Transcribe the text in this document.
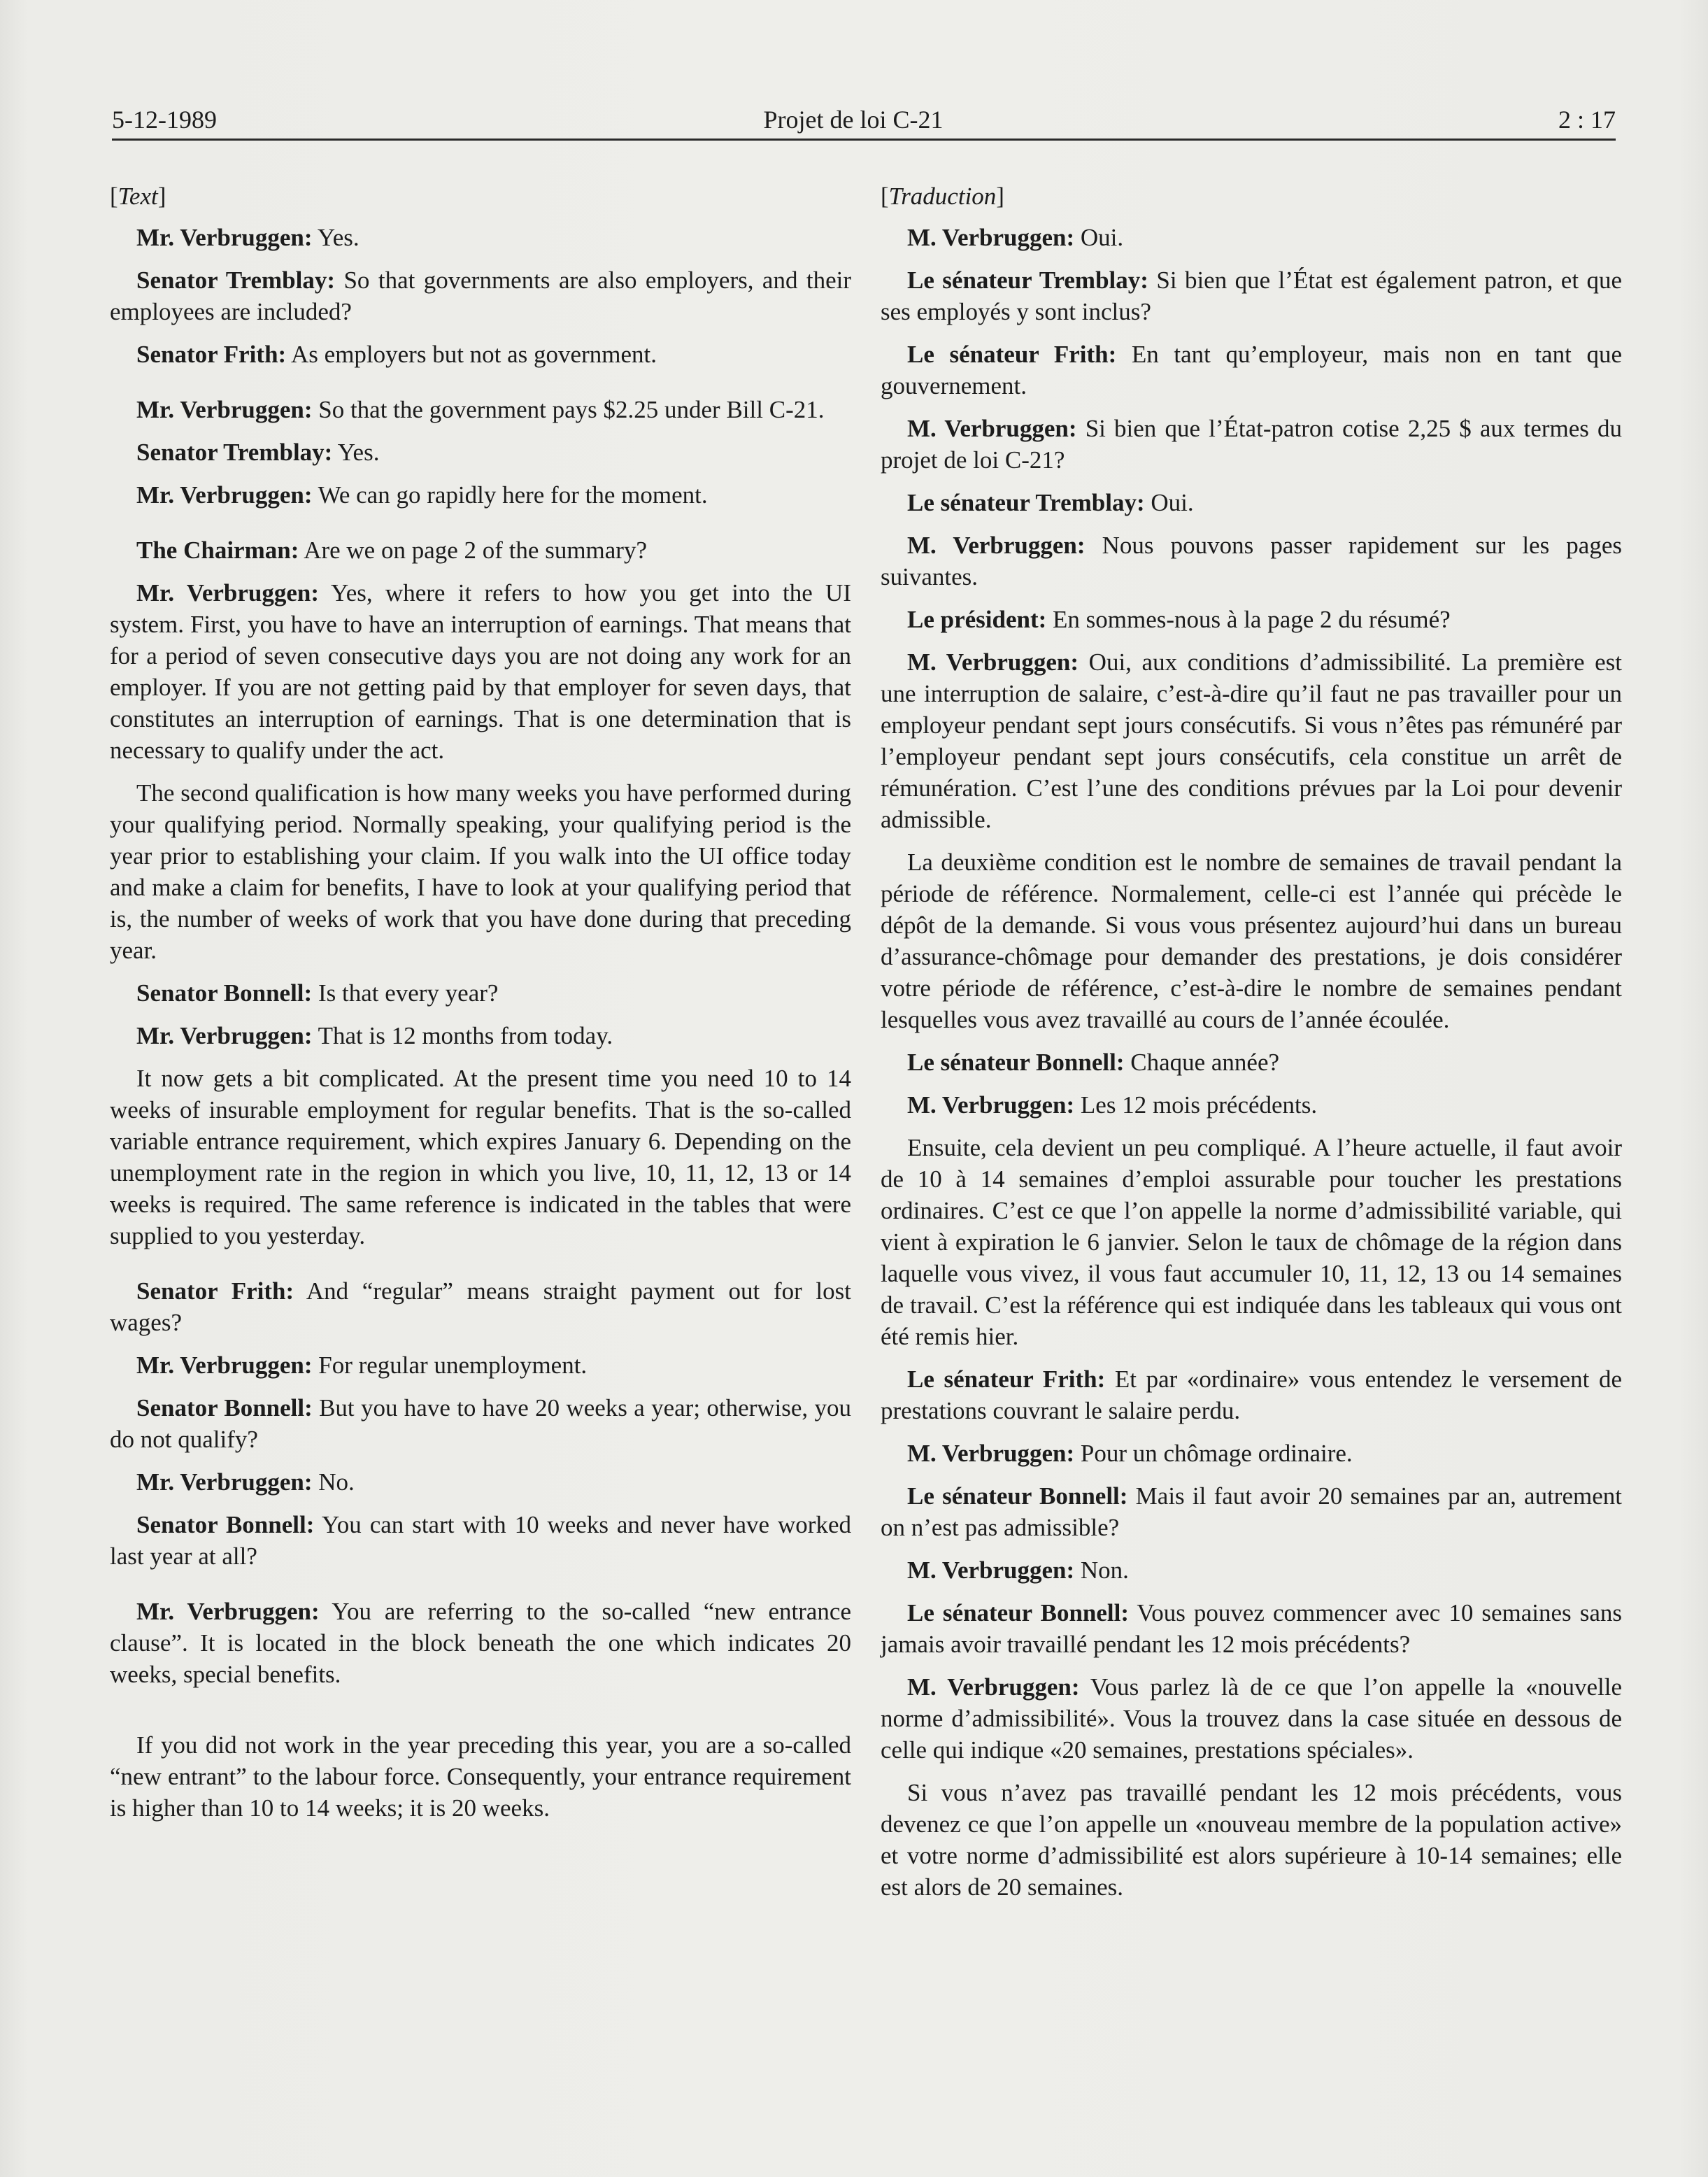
5-12-1989	Projet de loi C-21	2 : 17
[Text]

Mr. Verbruggen: Yes.

Senator Tremblay: So that governments are also employers, and their employees are included?

Senator Frith: As employers but not as government.

Mr. Verbruggen: So that the government pays $2.25 under Bill C-21.

Senator Tremblay: Yes.

Mr. Verbruggen: We can go rapidly here for the moment.

The Chairman: Are we on page 2 of the summary?

Mr. Verbruggen: Yes, where it refers to how you get into the UI system. First, you have to have an interruption of earnings. That means that for a period of seven consecutive days you are not doing any work for an employer. If you are not getting paid by that employer for seven days, that constitutes an interruption of earnings. That is one determination that is necessary to qualify under the act.

The second qualification is how many weeks you have performed during your qualifying period. Normally speaking, your qualifying period is the year prior to establishing your claim. If you walk into the UI office today and make a claim for benefits, I have to look at your qualifying period that is, the number of weeks of work that you have done during that preceding year.

Senator Bonnell: Is that every year?

Mr. Verbruggen: That is 12 months from today.

It now gets a bit complicated. At the present time you need 10 to 14 weeks of insurable employment for regular benefits. That is the so-called variable entrance requirement, which expires January 6. Depending on the unemployment rate in the region in which you live, 10, 11, 12, 13 or 14 weeks is required. The same reference is indicated in the tables that were supplied to you yesterday.

Senator Frith: And “regular” means straight payment out for lost wages?

Mr. Verbruggen: For regular unemployment.

Senator Bonnell: But you have to have 20 weeks a year; otherwise, you do not qualify?

Mr. Verbruggen: No.

Senator Bonnell: You can start with 10 weeks and never have worked last year at all?

Mr. Verbruggen: You are referring to the so-called “new entrance clause”. It is located in the block beneath the one which indicates 20 weeks, special benefits.

If you did not work in the year preceding this year, you are a so-called “new entrant” to the labour force. Consequently, your entrance requirement is higher than 10 to 14 weeks; it is 20 weeks.

[Traduction]

M. Verbruggen: Oui.

Le sénateur Tremblay: Si bien que l’État est également patron, et que ses employés y sont inclus?

Le sénateur Frith: En tant qu’employeur, mais non en tant que gouvernement.

M. Verbruggen: Si bien que l’État-patron cotise 2,25 $ aux termes du projet de loi C-21?

Le sénateur Tremblay: Oui.

M. Verbruggen: Nous pouvons passer rapidement sur les pages suivantes.

Le président: En sommes-nous à la page 2 du résumé?

M. Verbruggen: Oui, aux conditions d’admissibilité. La première est une interruption de salaire, c’est-à-dire qu’il faut ne pas travailler pour un employeur pendant sept jours consécutifs. Si vous n’êtes pas rémunéré par l’employeur pendant sept jours consécutifs, cela constitue un arrêt de rémunération. C’est l’une des conditions prévues par la Loi pour devenir admissible.

La deuxième condition est le nombre de semaines de travail pendant la période de référence. Normalement, celle-ci est l’année qui précède le dépôt de la demande. Si vous vous présentez aujourd’hui dans un bureau d’assurance-chômage pour demander des prestations, je dois considérer votre période de référence, c’est-à-dire le nombre de semaines pendant lesquelles vous avez travaillé au cours de l’année écoulée.

Le sénateur Bonnell: Chaque année?

M. Verbruggen: Les 12 mois précédents.

Ensuite, cela devient un peu compliqué. A l’heure actuelle, il faut avoir de 10 à 14 semaines d’emploi assurable pour toucher les prestations ordinaires. C’est ce que l’on appelle la norme d’admissibilité variable, qui vient à expiration le 6 janvier. Selon le taux de chômage de la région dans laquelle vous vivez, il vous faut accumuler 10, 11, 12, 13 ou 14 semaines de travail. C’est la référence qui est indiquée dans les tableaux qui vous ont été remis hier.

Le sénateur Frith: Et par «ordinaire» vous entendez le versement de prestations couvrant le salaire perdu.

M. Verbruggen: Pour un chômage ordinaire.

Le sénateur Bonnell: Mais il faut avoir 20 semaines par an, autrement on n’est pas admissible?

M. Verbruggen: Non.

Le sénateur Bonnell: Vous pouvez commencer avec 10 semaines sans jamais avoir travaillé pendant les 12 mois précédents?

M. Verbruggen: Vous parlez là de ce que l’on appelle la «nouvelle norme d’admissibilité». Vous la trouvez dans la case située en dessous de celle qui indique «20 semaines, prestations spéciales».

Si vous n’avez pas travaillé pendant les 12 mois précédents, vous devenez ce que l’on appelle un «nouveau membre de la population active» et votre norme d’admissibilité est alors supérieure à 10-14 semaines; elle est alors de 20 semaines.
